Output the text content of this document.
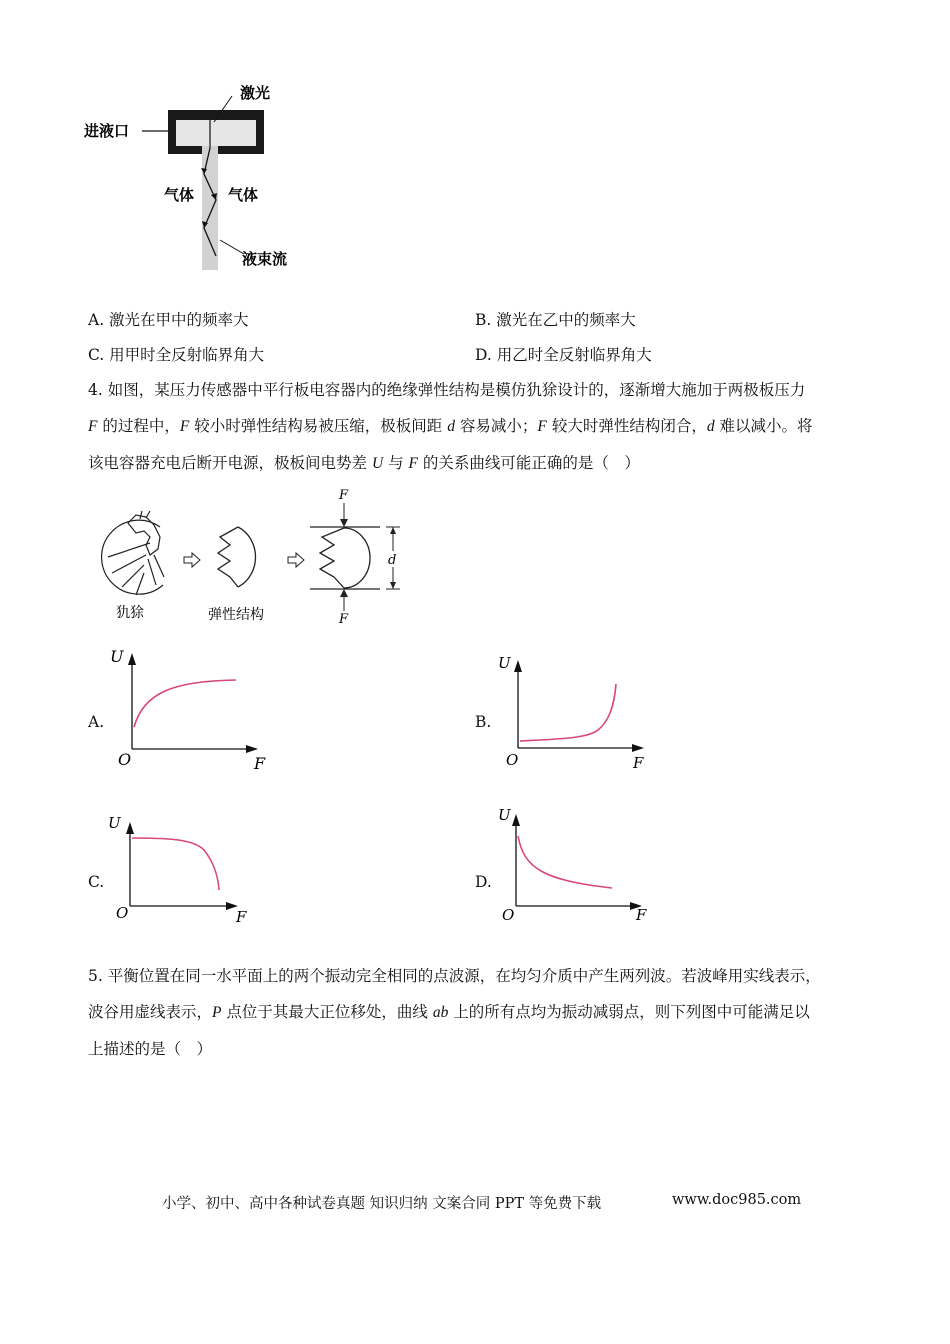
激光
进液口
气体 气体
液束流
A. 激光在甲中的频率大	B. 激光在乙中的频率大
C. 用甲时全反射临界角大	D. 用乙时全反射临界角大

4. 如图，某压力传感器中平行板电容器内的绝缘弹性结构是模仿犰狳设计的，逐渐增大施加于两极板压力

F 的过程中，F 较小时弹性结构易被压缩，极板间距 d 容易减小；F 较大时弹性结构闭合，d 难以减小。将

该电容器充电后断开电源，极板间电势差 U 与 F 的关系曲线可能正确的是（　）

犰狳	弹性结构
F
F
d
A.
U
O	F
B.
U
O	F
C.
U
O	F
D.
U
O	F

5. 平衡位置在同一水平面上的两个振动完全相同的点波源，在均匀介质中产生两列波。若波峰用实线表示，

波谷用虚线表示，P 点位于其最大正位移处，曲线 ab 上的所有点均为振动减弱点，则下列图中可能满足以

上描述的是（　）

小学、初中、高中各种试卷真题 知识归纳 文案合同 PPT 等免费下载	www.doc985.com
